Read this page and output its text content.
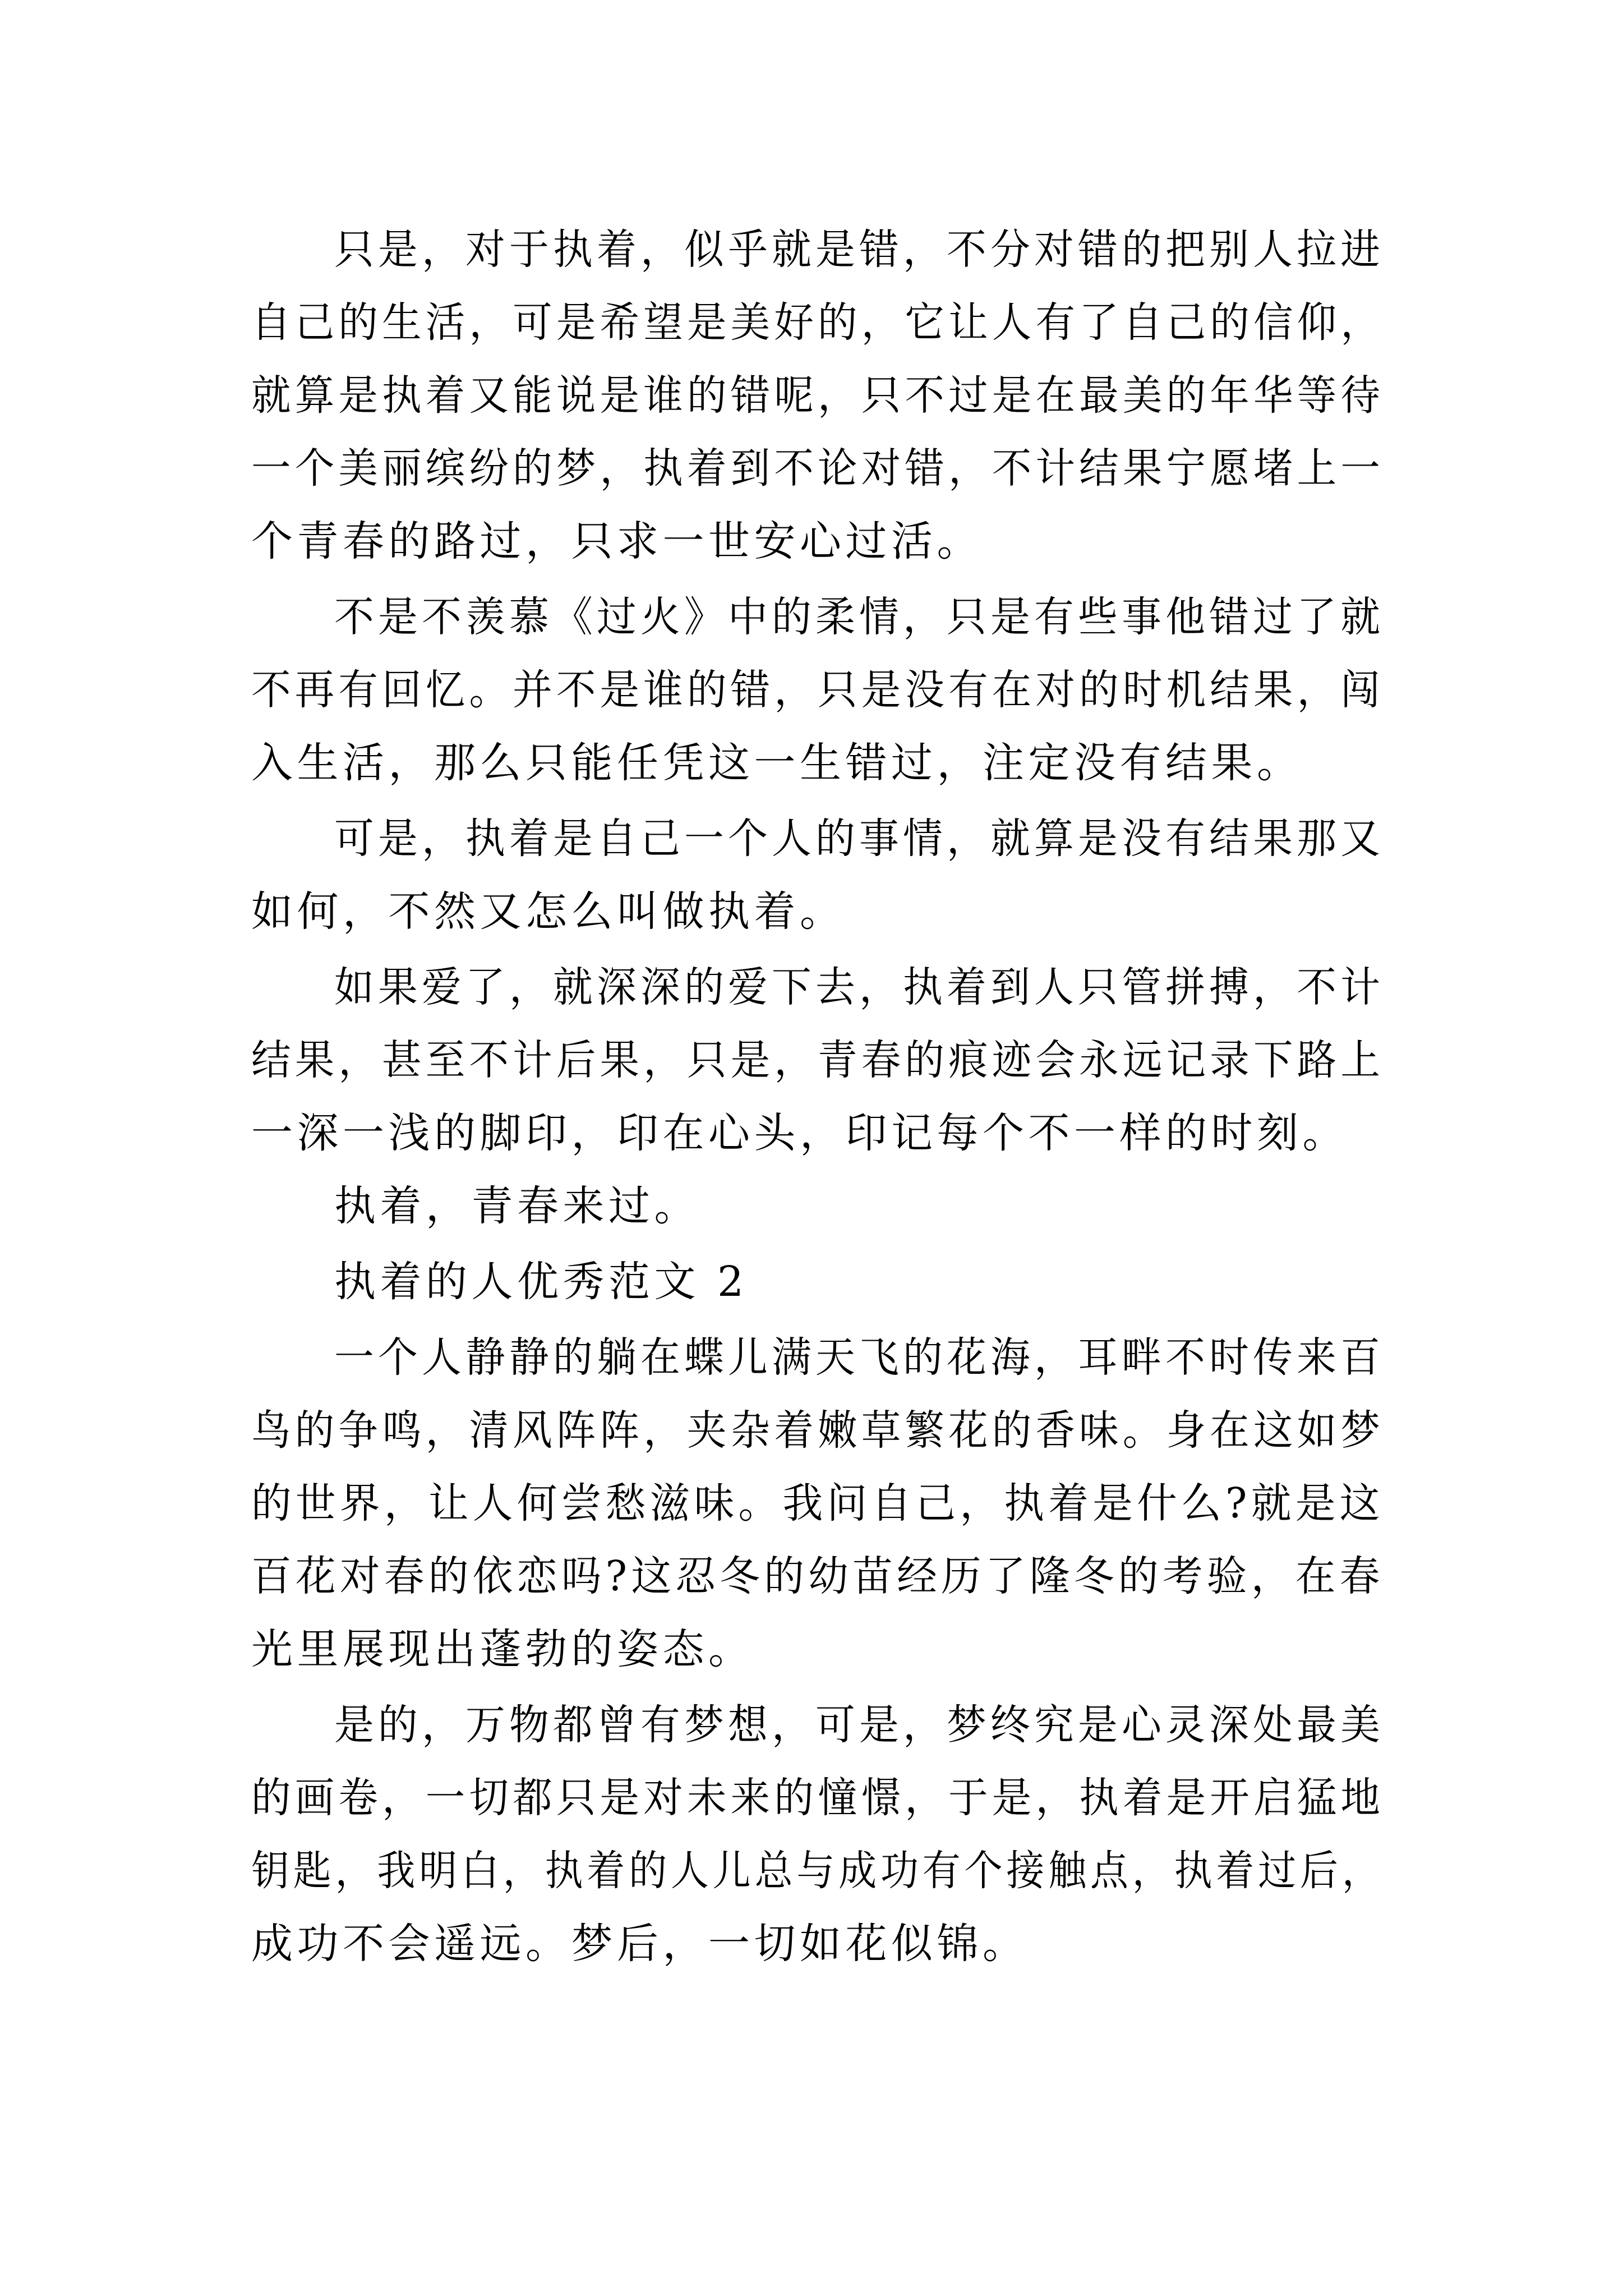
只是，对于执着，似乎就是错，不分对错的把别人拉进
自己的生活，可是希望是美好的，它让人有了自己的信仰，
就算是执着又能说是谁的错呢，只不过是在最美的年华等待
一个美丽缤纷的梦，执着到不论对错，不计结果宁愿堵上一
个青春的路过，只求一世安心过活。
不是不羡慕《过火》中的柔情，只是有些事他错过了就
不再有回忆。并不是谁的错，只是没有在对的时机结果，闯
入生活，那么只能任凭这一生错过，注定没有结果。
可是，执着是自己一个人的事情，就算是没有结果那又
如何，不然又怎么叫做执着。
如果爱了，就深深的爱下去，执着到人只管拼搏，不计
结果，甚至不计后果，只是，青春的痕迹会永远记录下路上
一深一浅的脚印，印在心头，印记每个不一样的时刻。
执着，青春来过。
执着的人优秀范文 2
一个人静静的躺在蝶儿满天飞的花海，耳畔不时传来百
鸟的争鸣，清风阵阵，夹杂着嫩草繁花的香味。身在这如梦
的世界，让人何尝愁滋味。我问自己，执着是什么?就是这
百花对春的依恋吗?这忍冬的幼苗经历了隆冬的考验，在春
光里展现出蓬勃的姿态。
是的，万物都曾有梦想，可是，梦终究是心灵深处最美
的画卷，一切都只是对未来的憧憬，于是，执着是开启猛地
钥匙，我明白，执着的人儿总与成功有个接触点，执着过后，
成功不会遥远。梦后，一切如花似锦。
